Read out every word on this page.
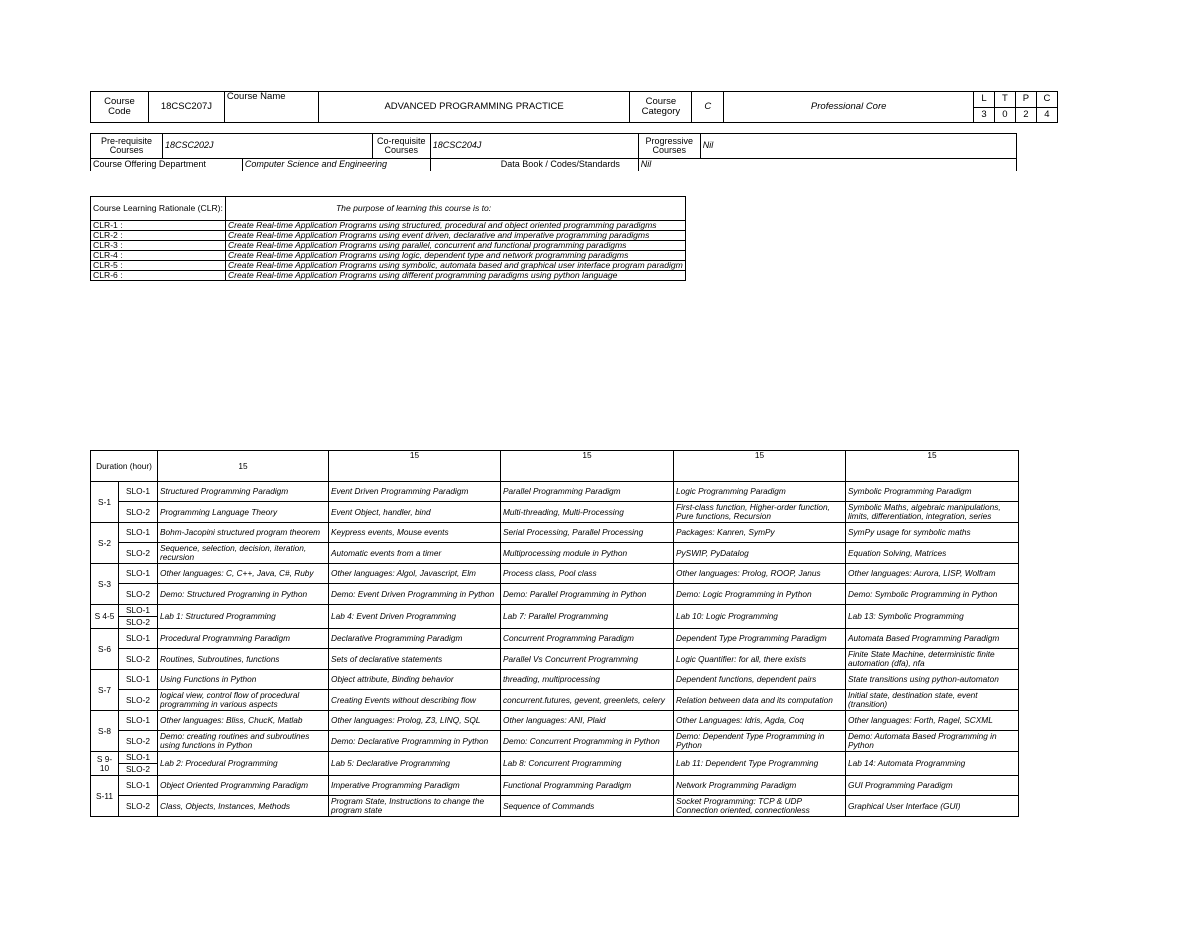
Course Code	18CSC207J	Course Name	ADVANCED PROGRAMMING PRACTICE	Course Category	C	Professional Core	L	T	P	C
							3	0	2	4
Pre-requisite Courses	18CSC202J		Co-requisite Courses	18CSC204J	Progressive Courses	Nil
Course Offering Department		Computer Science and Engineering		Data Book / Codes/Standards	Nil	
Course Learning Rationale (CLR):	The purpose of learning this course is to:
CLR-1 :	Create Real-time Application Programs using structured, procedural and object oriented programming paradigms
CLR-2 :	Create Real-time Application Programs using event driven, declarative and imperative programming paradigms
CLR-3 :	Create Real-time Application Programs using parallel, concurrent and functional programming paradigms
CLR-4 :	Create Real-time Application Programs using logic, dependent type and network programming paradigms
CLR-5 :	Create Real-time Application Programs using symbolic, automata based and graphical user interface program paradigm
CLR-6 :	Create Real-time Application Programs using different programming paradigms using python language
Duration (hour)		15	15	15	15	15
S-1	SLO-1	Structured Programming Paradigm	Event Driven Programming Paradigm	Parallel Programming Paradigm	Logic Programming Paradigm	Symbolic Programming Paradigm
	SLO-2	Programming Language Theory	Event Object, handler, bind	Multi-threading, Multi-Processing	First-class function, Higher-order function, Pure functions, Recursion	Symbolic Maths, algebraic manipulations, limits, differentiation, integration, series
S-2	SLO-1	Bohm-Jacopini structured program theorem	Keypress events, Mouse events	Serial Processing, Parallel Processing	Packages: Kanren, SymPy	SymPy usage for symbolic maths
	SLO-2	Sequence, selection, decision, iteration, recursion	Automatic events from a timer	Multiprocessing module in Python	PySWIP, PyDatalog	Equation Solving, Matrices
S-3	SLO-1	Other languages: C, C++, Java, C#, Ruby	Other languages: Algol, Javascript, Elm	Process class, Pool class	Other languages: Prolog, ROOP, Janus	Other languages: Aurora, LISP, Wolfram
	SLO-2	Demo: Structured Programing in Python	Demo: Event Driven Programming in Python	Demo: Parallel Programming in Python	Demo: Logic Programming in Python	Demo: Symbolic Programming in Python
S 4-5	SLO-1	Lab 1: Structured Programming	Lab 4: Event Driven Programming	Lab 7: Parallel Programming	Lab 10: Logic Programming	Lab 13: Symbolic Programming
	SLO-2					
S-6	SLO-1	Procedural Programming Paradigm	Declarative Programming Paradigm	Concurrent Programming Paradigm	Dependent Type Programming Paradigm	Automata Based Programming Paradigm
	SLO-2	Routines, Subroutines, functions	Sets of declarative statements	Parallel Vs Concurrent Programming	Logic Quantifier: for all, there exists	Finite State Machine, deterministic finite automation (dfa), nfa
S-7	SLO-1	Using Functions in Python	Object attribute, Binding behavior	threading, multiprocessing	Dependent functions, dependent pairs	State transitions using python-automaton
	SLO-2	logical view, control flow of procedural programming in various aspects	Creating Events without describing flow	concurrent.futures, gevent, greenlets, celery	Relation between data and its computation	Initial state, destination state, event (transition)
S-8	SLO-1	Other languages: Bliss, ChucK, Matlab	Other languages: Prolog, Z3, LINQ, SQL	Other languages: ANI, Plaid	Other Languages: Idris, Agda, Coq	Other languages: Forth, Ragel, SCXML
	SLO-2	Demo: creating routines and subroutines using functions in Python	Demo: Declarative Programming in Python	Demo: Concurrent Programming in Python	Demo: Dependent Type Programming in Python	Demo: Automata Based Programming in Python
S 9-10	SLO-1	Lab 2: Procedural Programming	Lab 5: Declarative Programming	Lab 8: Concurrent Programming	Lab 11: Dependent Type Programming	Lab 14: Automata Programming
	SLO-2					
S-11	SLO-1	Object Oriented Programming Paradigm	Imperative Programming Paradigm	Functional Programming Paradigm	Network Programming Paradigm	GUI Programming Paradigm
	SLO-2	Class, Objects, Instances, Methods	Program State, Instructions to change the program state	Sequence of Commands	Socket Programming: TCP & UDP Connection oriented, connectionless	Graphical User Interface (GUI)
